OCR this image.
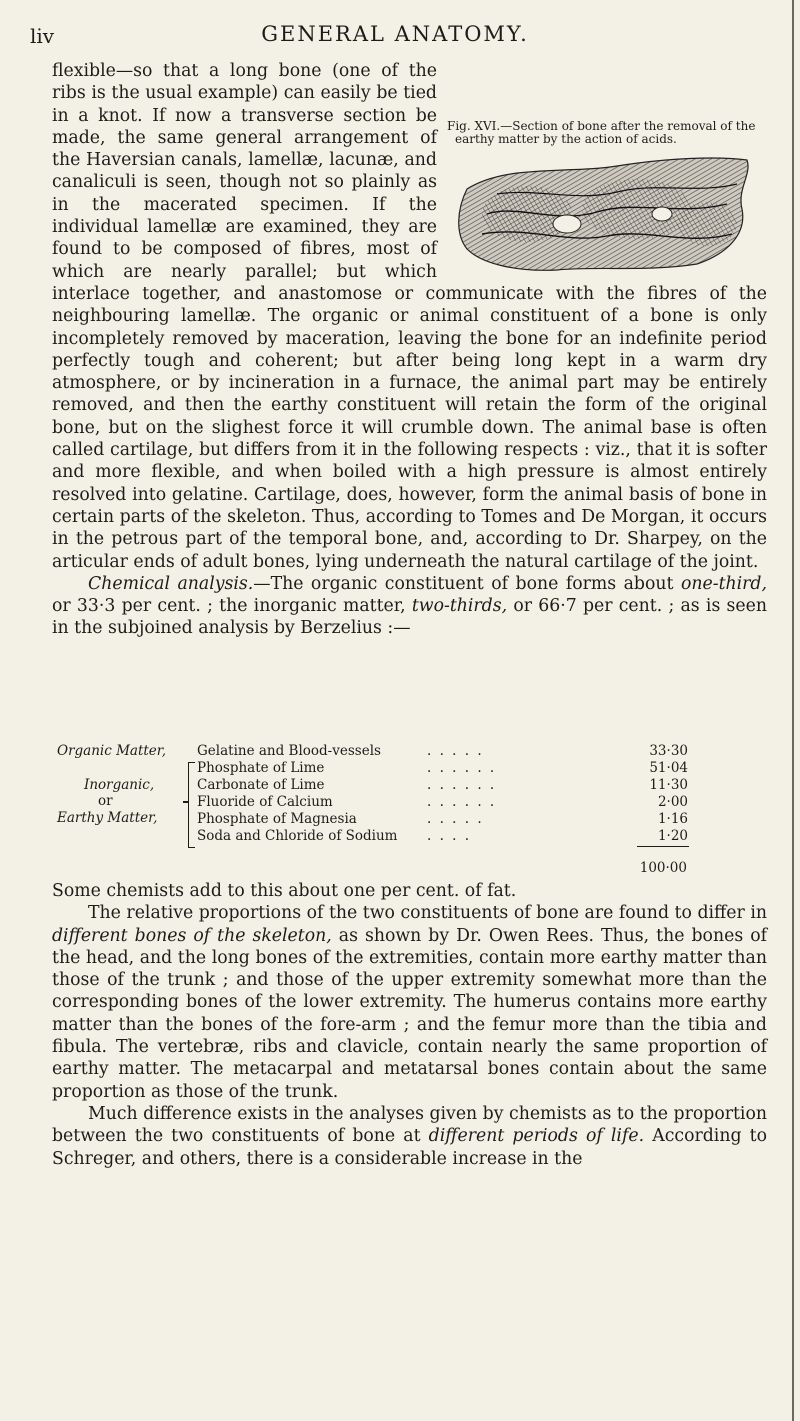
liv	GENERAL ANATOMY.
Fig. XVI.—Section of bone after the removal of the earthy matter by the action of acids.

flexible—so that a long bone (one of the ribs is the usual example) can easily be tied in a knot. If now a transverse section be made, the same general arrangement of the Haversian canals, lamellæ, lacunæ, and canaliculi is seen, though not so plainly as in the macerated specimen. If the individual lamellæ are examined, they are found to be composed of fibres, most of which are nearly parallel; but which interlace together, and anastomose or communicate with the fibres of the neighbouring lamellæ. The organic or animal constituent of a bone is only incompletely removed by maceration, leaving the bone for an indefinite period perfectly tough and coherent; but after being long kept in a warm dry atmosphere, or by incineration in a furnace, the animal part may be entirely removed, and then the earthy constituent will retain the form of the original bone, but on the slighest force it will crumble down. The animal base is often called cartilage, but differs from it in the following respects : viz., that it is softer and more flexible, and when boiled with a high pressure is almost entirely resolved into gelatine. Cartilage, does, however, form the animal basis of bone in certain parts of the skeleton. Thus, according to Tomes and De Morgan, it occurs in the petrous part of the temporal bone, and, according to Dr. Sharpey, on the articular ends of adult bones, lying underneath the natural cartilage of the joint.

Chemical analysis.—The organic constituent of bone forms about one-third, or 33·3 per cent. ; the inorganic matter, two-thirds, or 66·7 per cent. ; as is seen in the subjoined analysis by Berzelius :—

Organic Matter,
Inorganic,
or
Earthy Matter,
Gelatine and Blood-vessels	. . . . .	33·30
Phosphate of Lime	. . . . . .	51·04
Carbonate of Lime	. . . . . .	11·30
Fluoride of Calcium	. . . . . .	2·00
Phosphate of Magnesia	. . . . .	1·16
Soda and Chloride of Sodium . . . .	1·20
100·00

Some chemists add to this about one per cent. of fat.

The relative proportions of the two constituents of bone are found to differ in different bones of the skeleton, as shown by Dr. Owen Rees. Thus, the bones of the head, and the long bones of the extremities, contain more earthy matter than those of the trunk ; and those of the upper extremity somewhat more than the corresponding bones of the lower extremity. The humerus contains more earthy matter than the bones of the fore-arm ; and the femur more than the tibia and fibula. The vertebræ, ribs and clavicle, contain nearly the same proportion of earthy matter. The metacarpal and metatarsal bones contain about the same proportion as those of the trunk.

Much difference exists in the analyses given by chemists as to the proportion between the two constituents of bone at different periods of life. According to Schreger, and others, there is a considerable increase in the
